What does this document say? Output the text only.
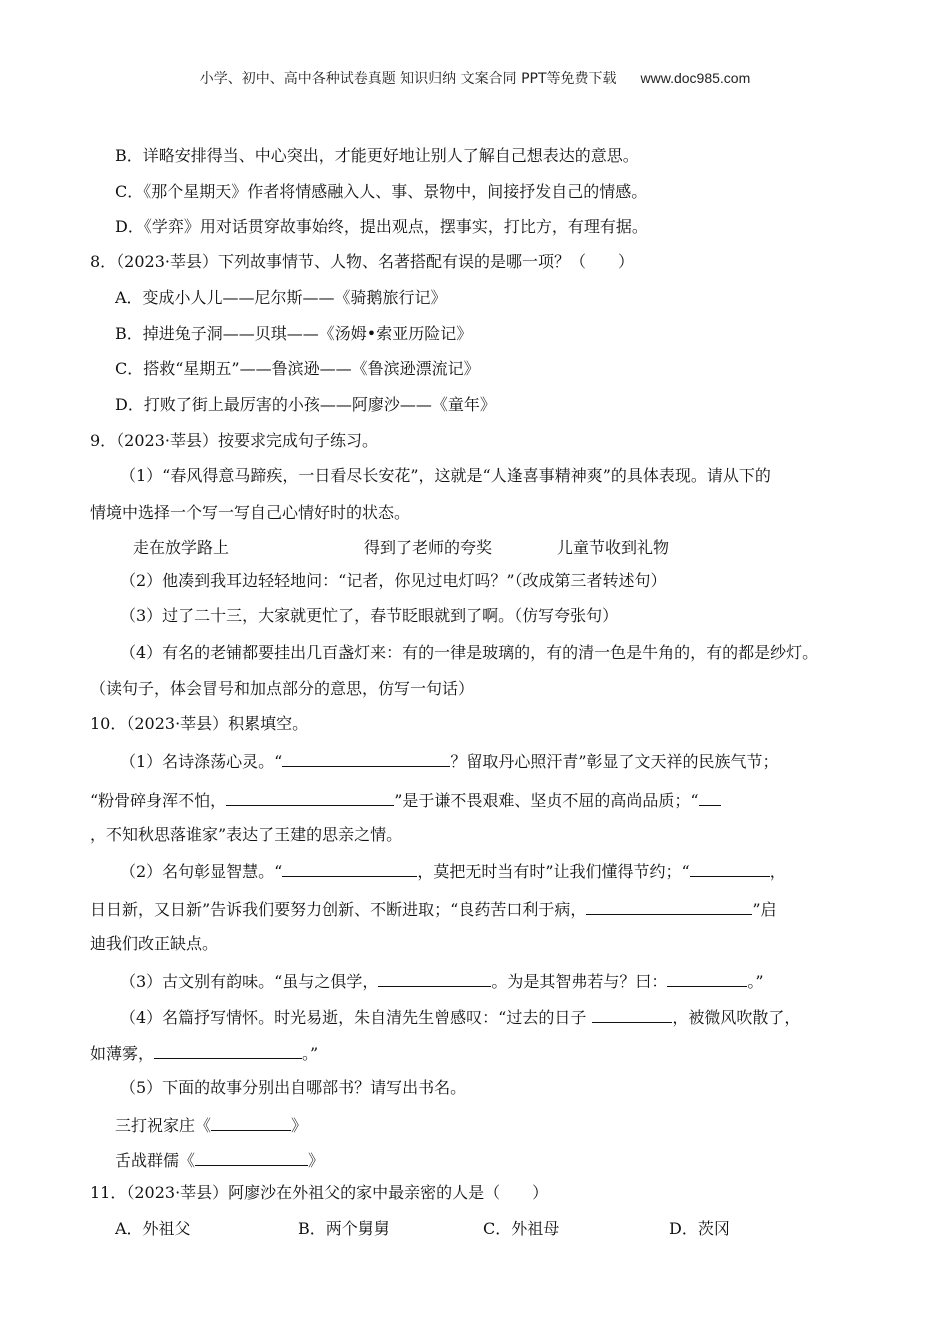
小学、初中、高中各种试卷真题 知识归纳 文案合同 PPT等免费下载 www.doc985.com
B．详略安排得当、中心突出，才能更好地让别人了解自己想表达的意思。
C．《那个星期天》作者将情感融入人、事、景物中，间接抒发自己的情感。
D．《学弈》用对话贯穿故事始终，提出观点，摆事实，打比方，有理有据。
8．（2023·莘县）下列故事情节、人物、名著搭配有误的是哪一项？（　　）
A．变成小人儿——尼尔斯——《骑鹅旅行记》
B．掉进兔子洞——贝琪——《汤姆•索亚历险记》
C．搭救“星期五”——鲁滨逊——《鲁滨逊漂流记》
D．打败了街上最厉害的小孩——阿廖沙——《童年》
9．（2023·莘县）按要求完成句子练习。
（1）“春风得意马蹄疾，一日看尽长安花”，这就是“人逢喜事精神爽”的具体表现。请从下的
情境中选择一个写一写自己心情好时的状态。
走在放学路上	得到了老师的夸奖	儿童节收到礼物
（2）他凑到我耳边轻轻地问：“记者，你见过电灯吗？”（改成第三者转述句）
（3）过了二十三，大家就更忙了，春节眨眼就到了啊。（仿写夸张句）
（4）有名的老铺都要挂出几百盏灯来：有的一律是玻璃的，有的清一色是牛角的，有的都是纱灯。
（读句子，体会冒号和加点部分的意思，仿写一句话）
10．（2023·莘县）积累填空。
（1）名诗涤荡心灵。“	？留取丹心照汗青”彰显了文天祥的民族气节；
“粉骨碎身浑不怕，	”是于谦不畏艰难、坚贞不屈的高尚品质；“
，不知秋思落谁家”表达了王建的思亲之情。
（2）名句彰显智慧。“	，莫把无时当有时”让我们懂得节约；“	，
日日新，又日新”告诉我们要努力创新、不断进取；“良药苦口利于病，	”启
迪我们改正缺点。
（3）古文别有韵味。“虽与之俱学，	。为是其智弗若与？曰：	。”
（4）名篇抒写情怀。时光易逝，朱自清先生曾感叹：“过去的日子	，被微风吹散了，
如薄雾，	。”
（5）下面的故事分别出自哪部书？请写出书名。
三打祝家庄《	》
舌战群儒《	》
11．（2023·莘县）阿廖沙在外祖父的家中最亲密的人是（　　）
A．外祖父	B．两个舅舅	C．外祖母	D．茨冈
